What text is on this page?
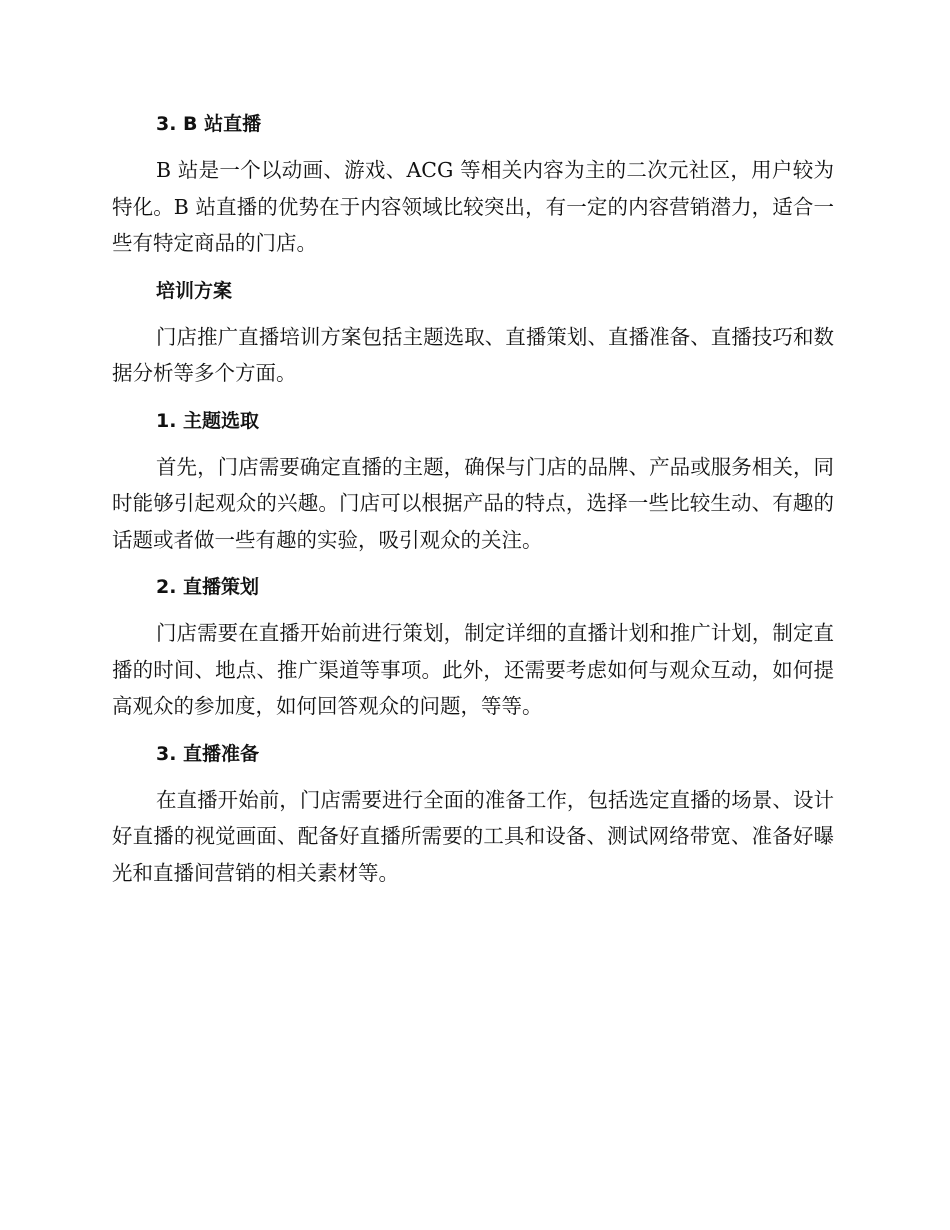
3. B 站直播
B 站是一个以动画、游戏、ACG 等相关内容为主的二次元社区，用户较为特化。B 站直播的优势在于内容领域比较突出，有一定的内容营销潜力，适合一些有特定商品的门店。
培训方案
门店推广直播培训方案包括主题选取、直播策划、直播准备、直播技巧和数据分析等多个方面。
1. 主题选取
首先，门店需要确定直播的主题，确保与门店的品牌、产品或服务相关，同时能够引起观众的兴趣。门店可以根据产品的特点，选择一些比较生动、有趣的话题或者做一些有趣的实验，吸引观众的关注。
2. 直播策划
门店需要在直播开始前进行策划，制定详细的直播计划和推广计划，制定直播的时间、地点、推广渠道等事项。此外，还需要考虑如何与观众互动，如何提高观众的参加度，如何回答观众的问题，等等。
3. 直播准备
在直播开始前，门店需要进行全面的准备工作，包括选定直播的场景、设计好直播的视觉画面、配备好直播所需要的工具和设备、测试网络带宽、准备好曝光和直播间营销的相关素材等。
